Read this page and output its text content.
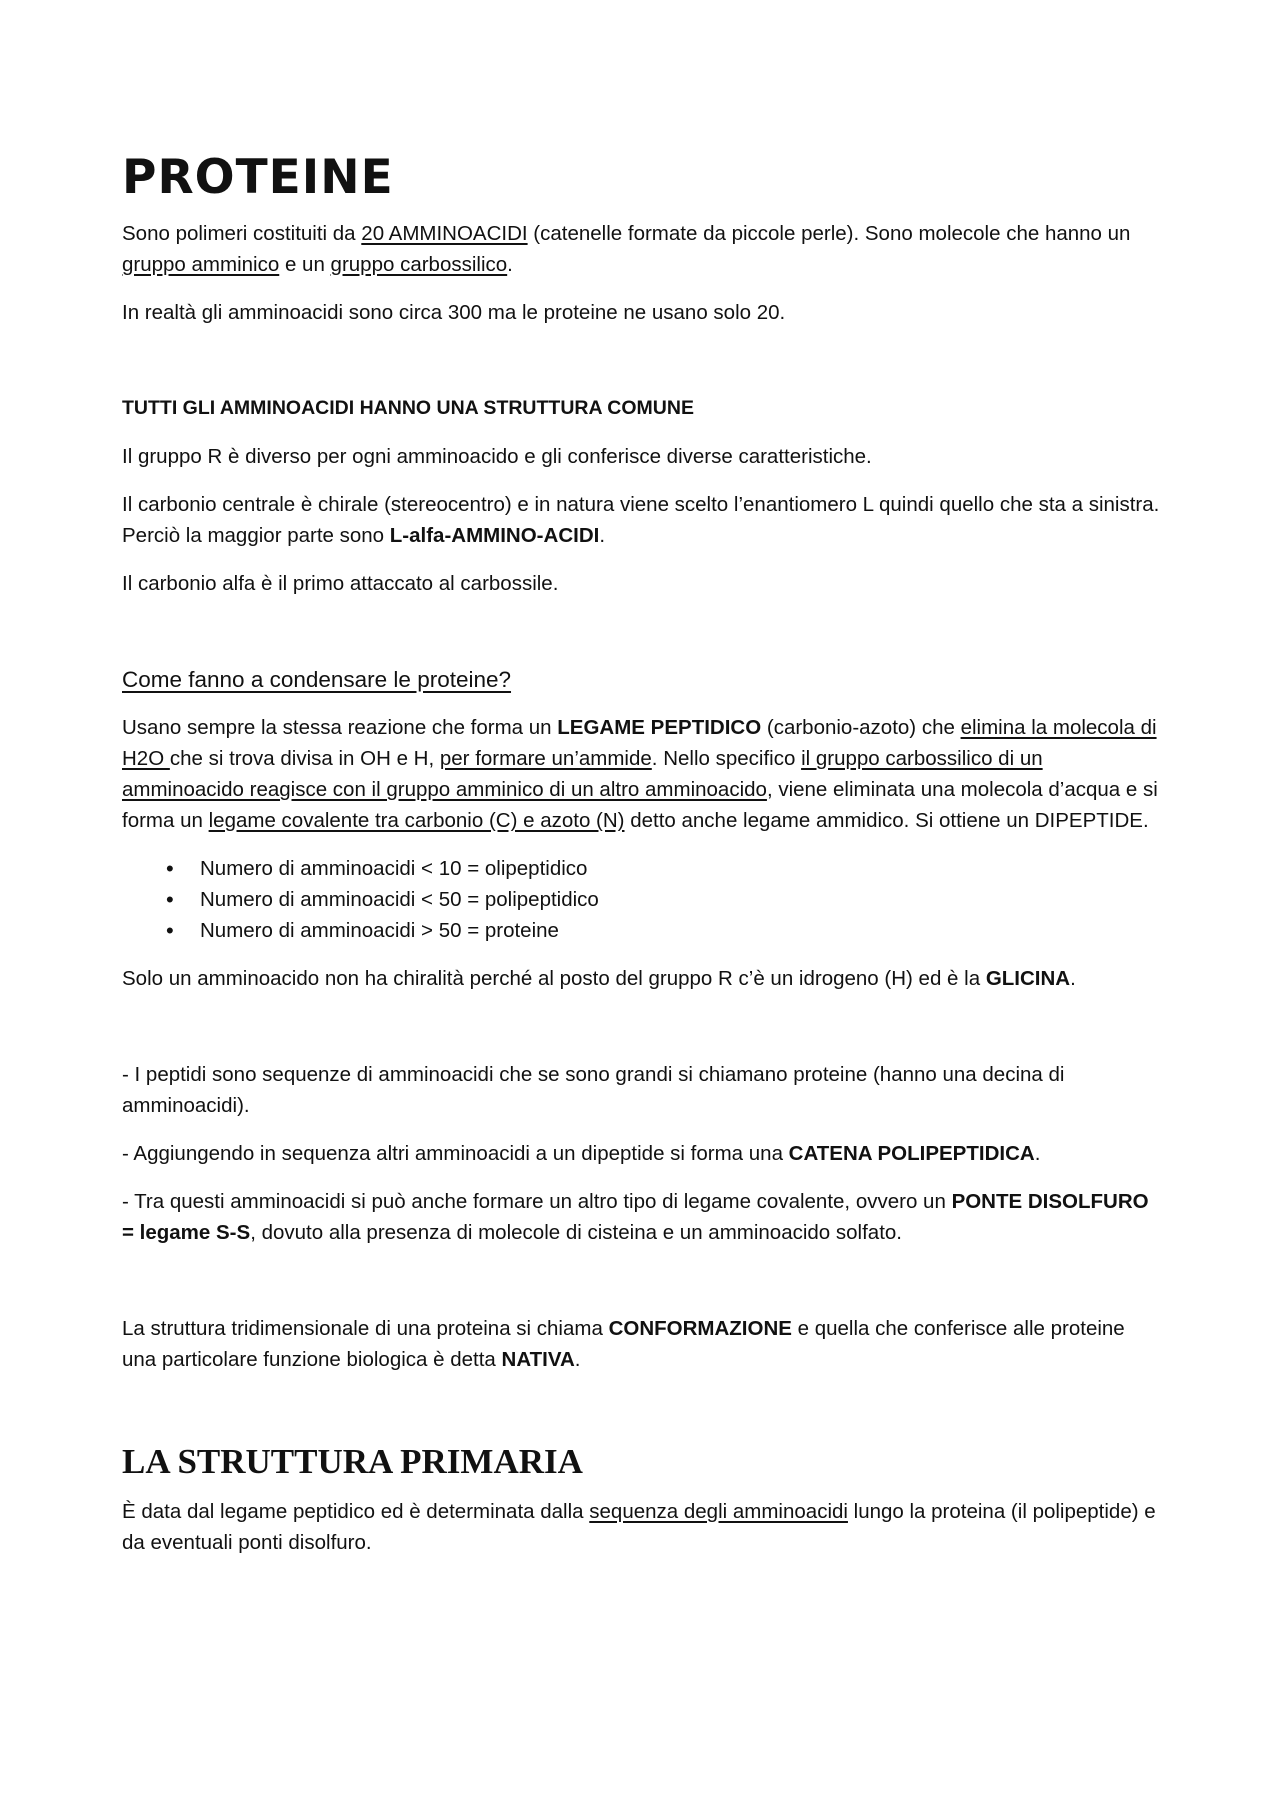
PROTEINE

Sono polimeri costituiti da 20 AMMINOACIDI (catenelle formate da piccole perle). Sono molecole che hanno un gruppo amminico e un gruppo carbossilico.

In realtà gli amminoacidi sono circa 300 ma le proteine ne usano solo 20.

TUTTI GLI AMMINOACIDI HANNO UNA STRUTTURA COMUNE

Il gruppo R è diverso per ogni amminoacido e gli conferisce diverse caratteristiche.

Il carbonio centrale è chirale (stereocentro) e in natura viene scelto l’enantiomero L quindi quello che sta a sinistra. Perciò la maggior parte sono L-alfa-AMMINO-ACIDI.

Il carbonio alfa è il primo attaccato al carbossile.

Come fanno a condensare le proteine?

Usano sempre la stessa reazione che forma un LEGAME PEPTIDICO (carbonio-azoto) che elimina la molecola di H2O che si trova divisa in OH e H, per formare un’ammide. Nello specifico il gruppo carbossilico di un amminoacido reagisce con il gruppo amminico di un altro amminoacido, viene eliminata una molecola d’acqua e si forma un legame covalente tra carbonio (C) e azoto (N) detto anche legame ammidico. Si ottiene un DIPEPTIDE.

• Numero di amminoacidi < 10 = olipeptidico
• Numero di amminoacidi < 50 = polipeptidico
• Numero di amminoacidi > 50 = proteine

Solo un amminoacido non ha chiralità perché al posto del gruppo R c’è un idrogeno (H) ed è la GLICINA.

- I peptidi sono sequenze di amminoacidi che se sono grandi si chiamano proteine (hanno una decina di amminoacidi).

- Aggiungendo in sequenza altri amminoacidi a un dipeptide si forma una CATENA POLIPEPTIDICA.

- Tra questi amminoacidi si può anche formare un altro tipo di legame covalente, ovvero un PONTE DISOLFURO = legame S-S, dovuto alla presenza di molecole di cisteina e un amminoacido solfato.

La struttura tridimensionale di una proteina si chiama CONFORMAZIONE e quella che conferisce alle proteine una particolare funzione biologica è detta NATIVA.

LA STRUTTURA PRIMARIA

È data dal legame peptidico ed è determinata dalla sequenza degli amminoacidi lungo la proteina (il polipeptide) e da eventuali ponti disolfuro.
